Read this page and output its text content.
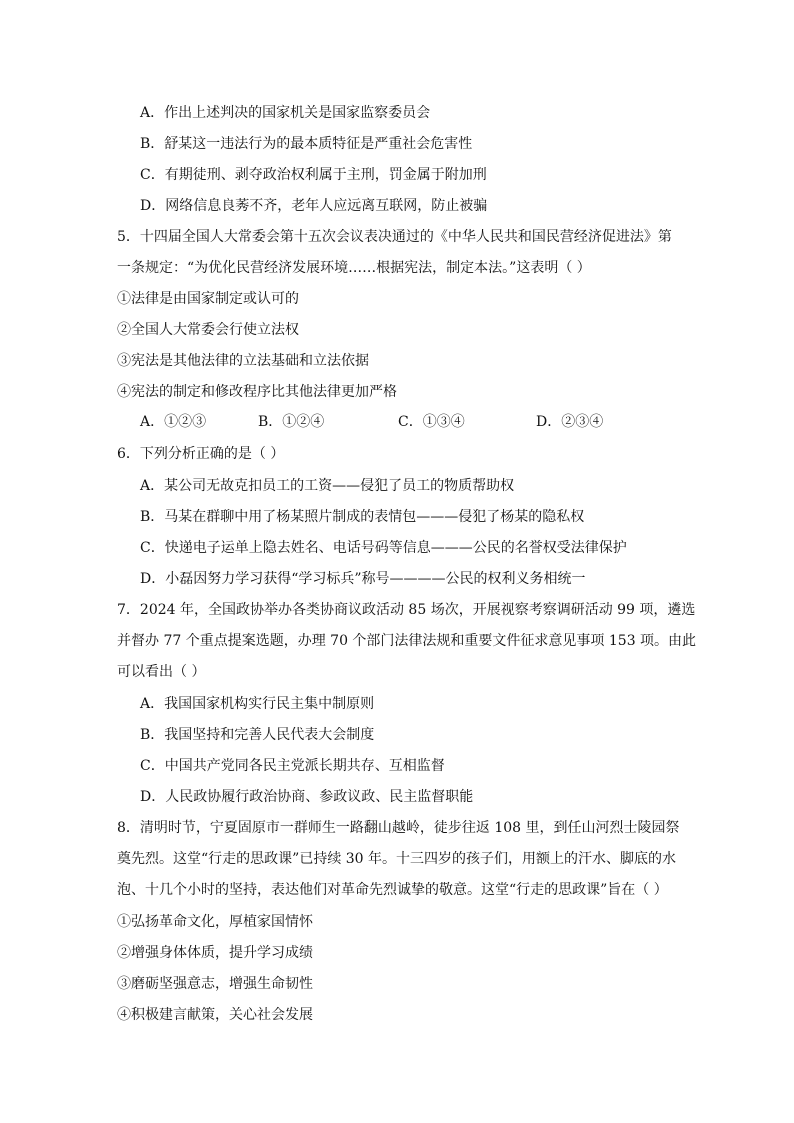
A．作出上述判决的国家机关是国家监察委员会
B．舒某这一违法行为的最本质特征是严重社会危害性
C．有期徒刑、剥夺政治权利属于主刑，罚金属于附加刑
D．网络信息良莠不齐，老年人应远离互联网，防止被骗
5．十四届全国人大常委会第十五次会议表决通过的《中华人民共和国民营经济促进法》第
一条规定：“为优化民营经济发展环境……根据宪法，制定本法。”这表明（ ）
①法律是由国家制定或认可的
②全国人大常委会行使立法权
③宪法是其他法律的立法基础和立法依据
④宪法的制定和修改程序比其他法律更加严格
A．①②③	B．①②④	C．①③④	D．②③④
6．下列分析正确的是（ ）
A．某公司无故克扣员工的工资——侵犯了员工的物质帮助权
B．马某在群聊中用了杨某照片制成的表情包———侵犯了杨某的隐私权
C．快递电子运单上隐去姓名、电话号码等信息———公民的名誉权受法律保护
D．小磊因努力学习获得“学习标兵”称号————公民的权利义务相统一
7．2024 年，全国政协举办各类协商议政活动 85 场次，开展视察考察调研活动 99 项，遴选
并督办 77 个重点提案选题，办理 70 个部门法律法规和重要文件征求意见事项 153 项。由此
可以看出（ ）
A．我国国家机构实行民主集中制原则
B．我国坚持和完善人民代表大会制度
C．中国共产党同各民主党派长期共存、互相监督
D．人民政协履行政治协商、参政议政、民主监督职能
8．清明时节，宁夏固原市一群师生一路翻山越岭，徒步往返 108 里，到任山河烈士陵园祭
奠先烈。这堂“行走的思政课”已持续 30 年。十三四岁的孩子们，用额上的汗水、脚底的水
泡、十几个小时的坚持，表达他们对革命先烈诚挚的敬意。这堂“行走的思政课”旨在（ ）
①弘扬革命文化，厚植家国情怀
②增强身体体质，提升学习成绩
③磨砺坚强意志，增强生命韧性
④积极建言献策，关心社会发展
